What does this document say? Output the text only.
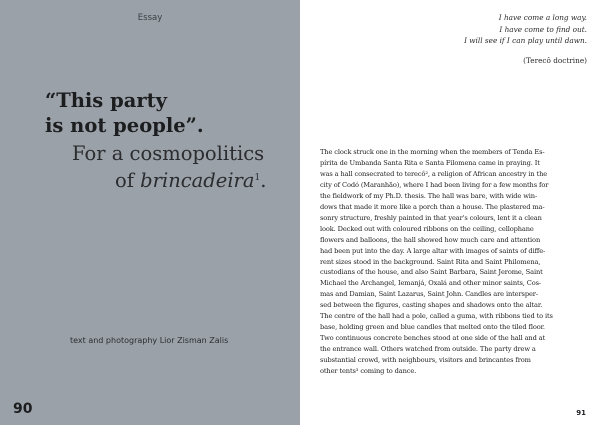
Essay
“This party
is not people”.
For a cosmopolitics
of brincadeira$^1$.
text and photography Lior Zisman Zalis
90
I have come a long way.
I have come to find out.
I will see if I can play until dawn.
(Terecô doctrine)
The clock struck one in the morning when the members of Tenda Es-
pírita de Umbanda Santa Rita e Santa Filomena came in praying. It
was a hall consecrated to terecô², a religion of African ancestry in the
city of Codó (Maranhão), where I had been living for a few months for
the fieldwork of my Ph.D. thesis. The hall was bare, with wide win-
dows that made it more like a porch than a house. The plastered ma-
sonry structure, freshly painted in that year's colours, lent it a clean
look. Decked out with coloured ribbons on the ceiling, cellophane
flowers and balloons, the hall showed how much care and attention
had been put into the day. A large altar with images of saints of diffe-
rent sizes stood in the background. Saint Rita and Saint Philomena,
custodians of the house, and also Saint Barbara, Saint Jerome, Saint
Michael the Archangel, Iemanjá, Oxalá and other minor saints, Cos-
mas and Damian, Saint Lazarus, Saint John. Candles are intersper-
sed between the figures, casting shapes and shadows onto the altar.
The centre of the hall had a pole, called a guma, with ribbons tied to its
base, holding green and blue candles that melted onto the tiled floor.
Two continuous concrete benches stood at one side of the hall and at
the entrance wall. Others watched from outside. The party drew a
substantial crowd, with neighbours, visitors and brincantes from
other tents³ coming to dance.
91
